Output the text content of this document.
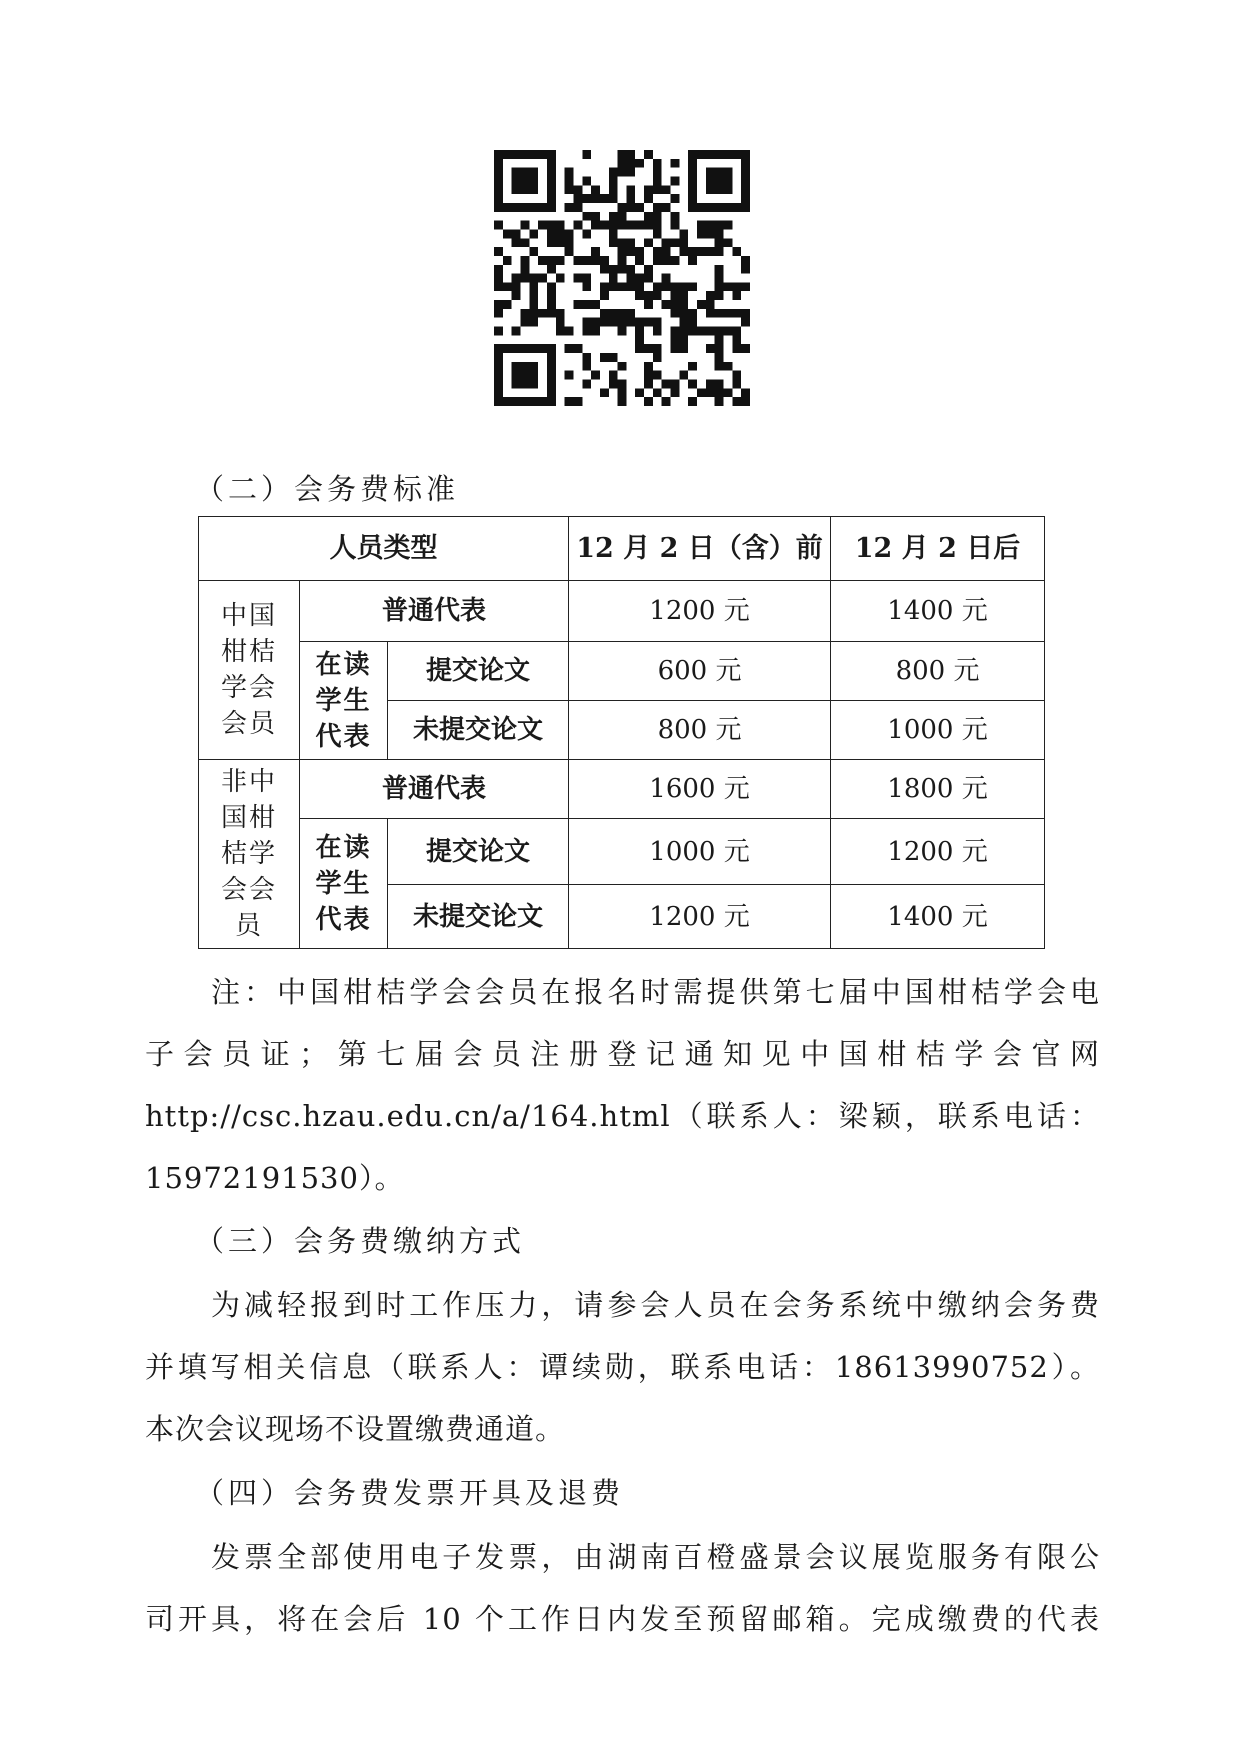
（二）会务费标准
人员类型			12 月 2 日（含）前	12 月 2 日后

中国
柑桔
学会
会员	普通代表		1200 元	1400 元

	在读
学生
代表	提交论文	600 元	800 元
		未提交论文	800 元	1000 元

非中
国柑
桔学
会会
员	普通代表		1600 元	1800 元

	在读
学生
代表	提交论文	1000 元	1200 元
		未提交论文	1200 元	1400 元
注：中国柑桔学会会员在报名时需提供第七届中国柑桔学会电
子会员证；第七届会员注册登记通知见中国柑桔学会官网
http://csc.hzau.edu.cn/a/164.html（联系人：梁颖，联系电话：
15972191530）。
（三）会务费缴纳方式
为减轻报到时工作压力，请参会人员在会务系统中缴纳会务费
并填写相关信息（联系人：谭续勋，联系电话：18613990752）。
本次会议现场不设置缴费通道。
（四）会务费发票开具及退费
发票全部使用电子发票，由湖南百橙盛景会议展览服务有限公
司开具，将在会后 10 个工作日内发至预留邮箱。完成缴费的代表
